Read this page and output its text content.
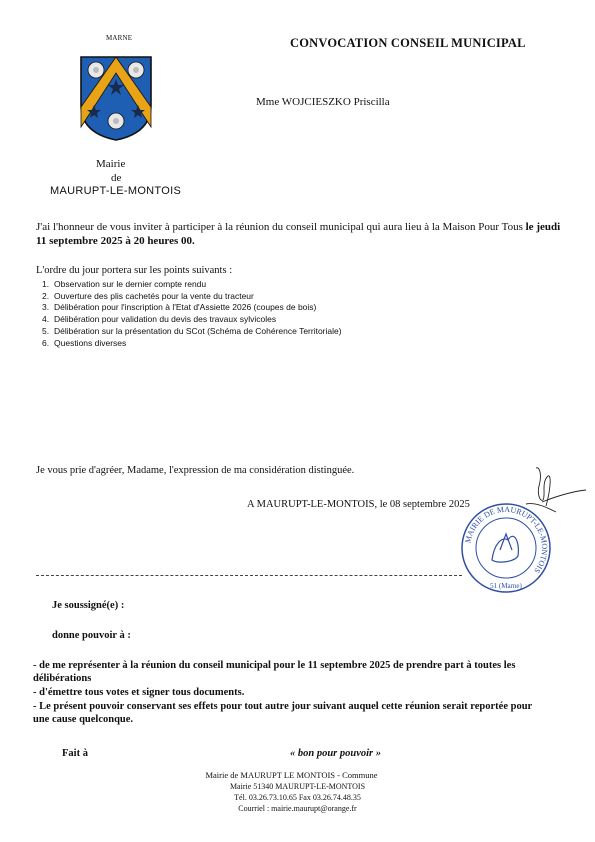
MARNE	CONVOCATION CONSEIL MUNICIPAL
Mme WOJCIESZKO Priscilla
Mairie
de
MAURUPT-LE-MONTOIS
J'ai l'honneur de vous inviter à participer à la réunion du conseil municipal qui aura lieu à la Maison Pour Tous le jeudi 11 septembre 2025 à 20 heures 00.
L'ordre du jour portera sur les points suivants :
1. Observation sur le dernier compte rendu
2. Ouverture des plis cachetés pour la vente du tracteur
3. Délibération pour l'inscription à l'Etat d'Assiette 2026 (coupes de bois)
4. Délibération pour validation du devis des travaux sylvicoles
5. Délibération sur la présentation du SCot (Schéma de Cohérence Territoriale)
6. Questions diverses
Je vous prie d'agréer, Madame, l'expression de ma considération distinguée.
A MAURUPT-LE-MONTOIS, le 08 septembre 2025
MAIRIE DE MAURUPT-LE-MONTOIS
51 (Marne)
Je soussigné(e) :
donne pouvoir à :

- de me représenter à la réunion du conseil municipal pour le 11 septembre 2025 de prendre part à toutes les délibérations

- d'émettre tous votes et signer tous documents.

- Le présent pouvoir conservant ses effets pour tout autre jour suivant auquel cette réunion serait reportée pour une cause quelconque.

Fait à	« bon pour pouvoir »
Mairie de MAURUPT LE MONTOIS - Commune
Mairie 51340 MAURUPT-LE-MONTOIS
Tél. 03.26.73.10.65 Fax 03.26.74.48.35
Courriel : mairie.maurupt@orange.fr
